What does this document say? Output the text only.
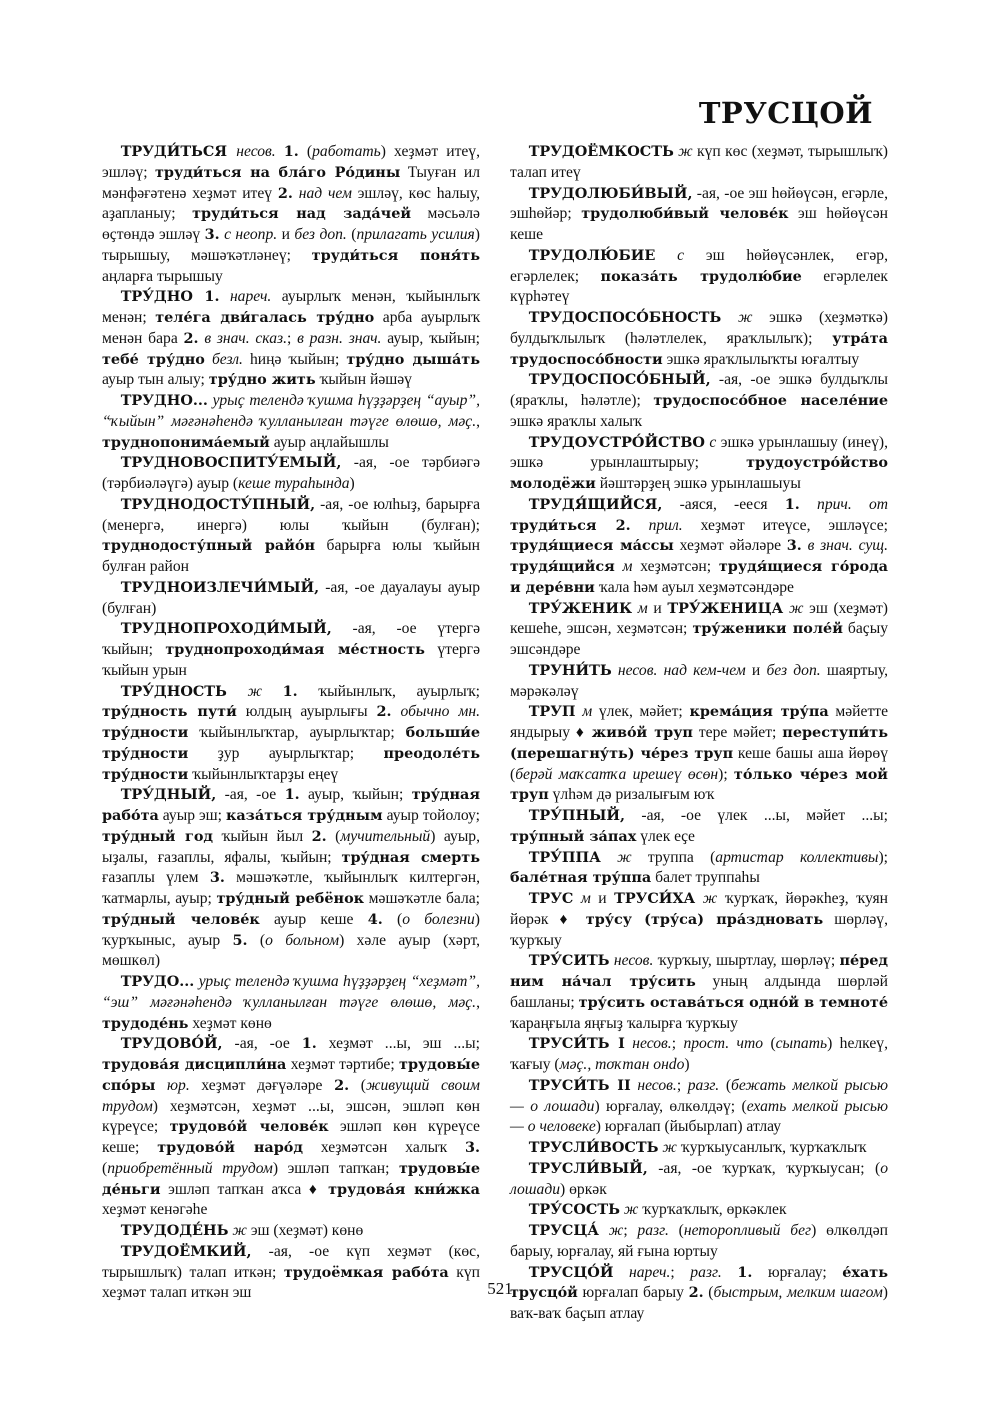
ТРУСЦОЙ

ТРУДИ́ТЬСЯ несов. 1. (работать) хеҙмәт итеү, эшләү; труди́ться на бла́го Ро́дины Тыуған ил мәнфәғәтенә хеҙмәт итеү 2. над чем эшләү, көс һалыу, аҙапланыу; труди́ться над зада́чей мәсьәлә өҫтөндә эшләү 3. с неопр. и без доп. (прилагать усилия) тырышыу, мәшәҡәтләнеү; труди́ться поня́ть аңларға тырышыу

ТРУ́ДНО 1. нареч. ауырлыҡ менән, ҡыйынлыҡ менән; теле́га дви́галась тру́дно арба ауырлыҡ менән бара 2. в знач. сказ.; в разн. знач. ауыр, ҡыйын; тебе́ тру́дно безл. һиңә ҡыйын; тру́дно дыша́ть ауыр тын алыу; тру́дно жить ҡыйын йәшәү

ТРУДНО... урыҫ телендә ҡушма һүҙҙәрҙең “ауыр”, “ҡыйын” мәғәнәһендә ҡулланылған тәүге өлөшө, мәҫ., труднопонима́емый ауыр аңлайышлы

ТРУДНОВОСПИТУ́ЕМЫЙ, -ая, -ое тәрбиәгә (тәрбиәләүгә) ауыр (кеше тураһында)

ТРУДНОДОСТУ́ПНЫЙ, -ая, -ое юлһыҙ, барырға (менергә, инергә) юлы ҡыйын (булған); труднодосту́пный райо́н барырға юлы ҡыйын булған район

ТРУДНОИЗЛЕЧИ́МЫЙ, -ая, -ое дауалауы ауыр (булған)

ТРУДНОПРОХОДИ́МЫЙ, -ая, -ое үтергә ҡыйын; труднопроходи́мая ме́стность үтергә ҡыйын урын

ТРУ́ДНОСТЬ ж 1. ҡыйынлыҡ, ауырлыҡ; тру́дность пути́ юлдың ауырлығы 2. обычно мн. тру́дности ҡыйынлыҡтар, ауырлыҡтар; больши́е тру́дности ҙур ауырлыҡтар; преодоле́ть тру́дности ҡыйынлыҡтарҙы еңеү

ТРУ́ДНЫЙ, -ая, -ое 1. ауыр, ҡыйын; тру́дная рабо́та ауыр эш; каза́ться тру́дным ауыр тойолоу; тру́дный год ҡыйын йыл 2. (мучительный) ауыр, ыҙалы, ғазаплы, яфалы, ҡыйын; тру́дная смерть ғазаплы үлем 3. мәшәҡәтле, ҡыйынлыҡ килтергән, ҡатмарлы, ауыр; тру́дный ребёнок мәшәҡәтле бала; тру́дный челове́к ауыр кеше 4. (о болезни) ҡурҡыныс, ауыр 5. (о больном) хәле ауыр (хәрт, мөшкөл)

ТРУДО... урыҫ телендә ҡушма һүҙҙәрҙең “хеҙмәт”, “эш” мәғәнәһендә ҡулланылған тәүге өлөшө, мәҫ., трудоде́нь хеҙмәт көнө

ТРУДОВО́Й, -ая, -ое 1. хеҙмәт ...ы, эш ...ы; трудова́я дисципли́на хеҙмәт тәртибе; трудовы́е спо́ры юр. хеҙмәт дәғүәләре 2. (живущий своим трудом) хеҙмәтсән, хеҙмәт ...ы, эшсән, эшләп көн күреүсе; трудово́й челове́к эшләп көн күреүсе кеше; трудово́й наро́д хеҙмәтсән халыҡ 3. (приобретённый трудом) эшләп тапҡан; трудовы́е де́ньги эшләп тапҡан аҡса ♦ трудова́я кни́жка хеҙмәт кенәгәһе

ТРУДОДЕ́НЬ ж эш (хеҙмәт) көнө

ТРУДОЁМКИЙ, -ая, -ое күп хеҙмәт (көс, тырышлыҡ) талап иткән; трудоёмкая рабо́та күп хеҙмәт талап иткән эш

ТРУДОЁМКОСТЬ ж күп көс (хеҙмәт, тырышлыҡ) талап итеү

ТРУДОЛЮБИ́ВЫЙ, -ая, -ое эш һөйөүсән, егәрле, эшһөйәр; трудолюби́вый челове́к эш һөйөүсән кеше

ТРУДОЛЮ́БИЕ с эш һөйөүсәнлек, егәр, егәрлелек; показа́ть трудолю́бие егәрлелек күрһәтеү

ТРУДОСПОСО́БНОСТЬ ж эшкә (хеҙмәткә) булдыҡлылыҡ (һәләтлелек, яраҡлылыҡ); утра́та трудоспосо́бности эшкә яраҡлылыҡты юғалтыу

ТРУДОСПОСО́БНЫЙ, -ая, -ое эшкә булдыҡлы (яраҡлы, һәләтле); трудоспосо́бное населе́ние эшкә яраҡлы халыҡ

ТРУДОУСТРО́ЙСТВО с эшкә урынлашыу (инеү), эшкә урынлаштырыу; трудоустро́йство молодёжи йәштәрҙең эшкә урынлашыуы

ТРУДЯ́ЩИЙСЯ, -аяся, -ееся 1. прич. от труди́ться 2. прил. хеҙмәт итеүсе, эшләүсе; трудя́щиеся ма́ссы хеҙмәт әйәләре 3. в знач. сущ. трудя́щийся м хеҙмәтсән; трудя́щиеся го́рода и дере́вни ҡала һәм ауыл хеҙмәтсәндәре

ТРУ́ЖЕНИК м и ТРУ́ЖЕНИЦА ж эш (хеҙмәт) кешеһе, эшсән, хеҙмәтсән; тру́женики поле́й баҫыу эшсәндәре

ТРУНИ́ТЬ несов. над кем-чем и без доп. шаяртыу, мәрәкәләү

ТРУП м үлек, мәйет; крема́ция тру́па мәйетте яндырыу ♦ живо́й труп тере мәйет; переступи́ть (перешагну́ть) че́рез труп кеше башы аша йөрөү (берәй маҡсатҡа ирешеү өсөн); то́лько че́рез мой труп үлһәм дә ризалығым юҡ

ТРУ́ПНЫЙ, -ая, -ое үлек ...ы, мәйет ...ы; тру́пный за́пах үлек еҫе

ТРУ́ППА ж труппа (артистар коллективы); бале́тная тру́ппа балет труппаһы

ТРУС м и ТРУСИ́ХА ж ҡурҡаҡ, йөрәкһеҙ, ҡуян йөрәк ♦ тру́су (тру́са) пра́здновать шөрләү, ҡурҡыу

ТРУ́СИТЬ несов. ҡурҡыу, шыртлау, шөрләү; пе́ред ним на́чал тру́сить уның алдында шөрләй башланы; тру́сить остава́ться одно́й в темноте́ ҡараңғыла яңғыҙ ҡалырға ҡурҡыу

ТРУСИ́ТЬ I несов.; прост. что (сыпать) һелкеү, ҡағыу (мәҫ., тоҡтан онdo)

ТРУСИ́ТЬ II несов.; разг. (бежать мелкой рысью — о лошади) юрғалау, өлкөлдәү; (ехать мелкой рысью — о человеке) юрғалап (йыбырлап) атлау

ТРУСЛИ́ВОСТЬ ж ҡурҡыусанлыҡ, ҡурҡаҡлыҡ

ТРУСЛИ́ВЫЙ, -ая, -ое ҡурҡаҡ, ҡурҡыусан; (о лошади) өркәк

ТРУ́СОСТЬ ж ҡурҡаҡлыҡ, өркәклек

ТРУСЦА́ ж; разг. (неторопливый бег) өлкөлдәп барыу, юрғалау, яй ғына юртыу

ТРУСЦО́Й нареч.; разг. 1. юрғалау; е́хать трусцо́й юрғалап барыу 2. (быстрым, мелким шагом) ваҡ-ваҡ баҫып атлау

521
